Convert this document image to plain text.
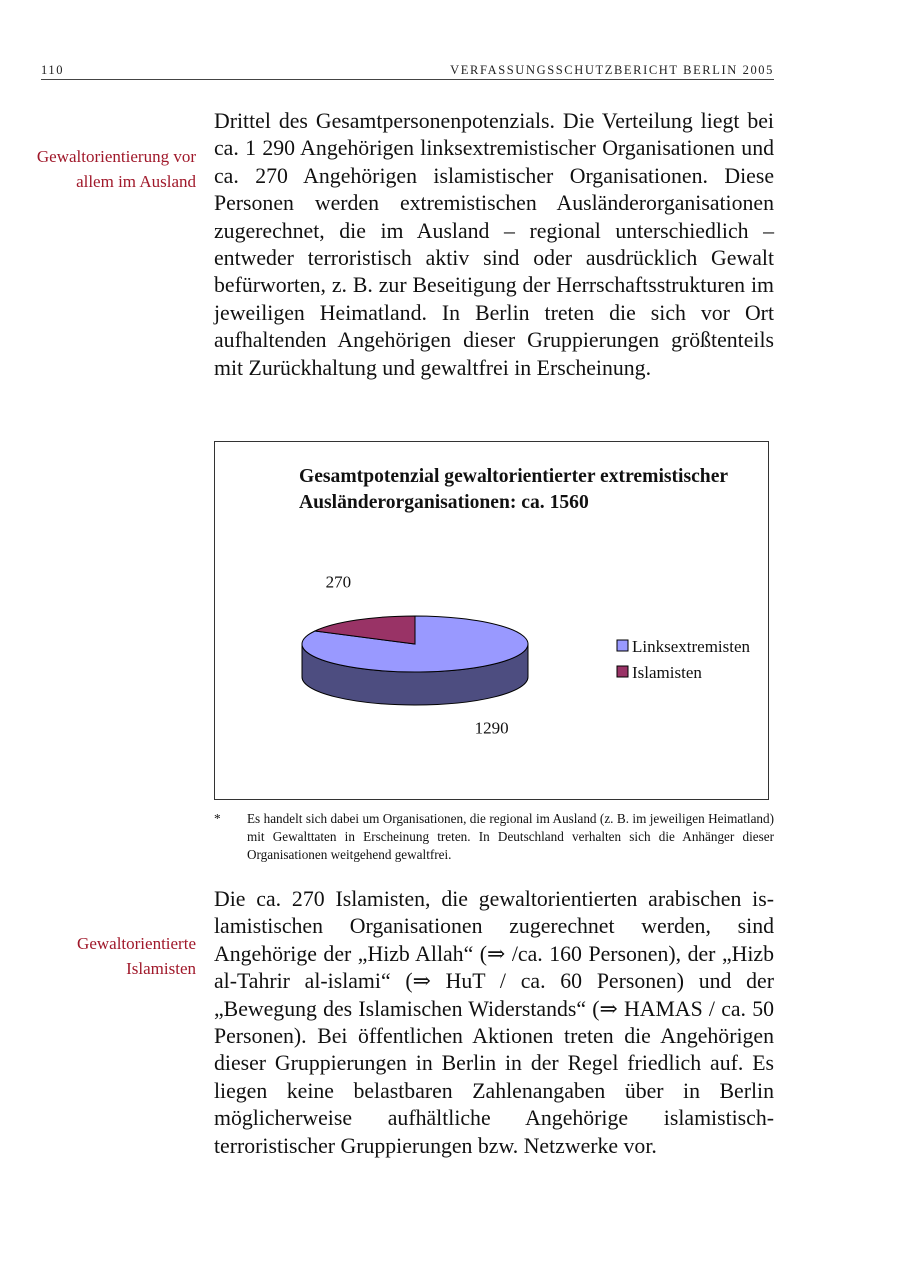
110	VERFASSUNGSSCHUTZBERICHT BERLIN 2005
Gewaltorientierung vor allem im Ausland
Drittel des Gesamtpersonenpotenzials. Die Verteilung liegt bei ca. 1 290 Angehörigen linksextremistischer Organisationen und ca. 270 Angehörigen islamistischer Organisationen. Diese Personen werden extremistischen Ausländerorganisationen zugerechnet, die im Ausland – regional unterschiedlich – entweder terroristisch aktiv sind oder ausdrücklich Gewalt befürworten, z. B. zur Beseitigung der Herrschaftsstrukturen im jeweiligen Heimatland. In Berlin treten die sich vor Ort aufhaltenden Angehörigen dieser Gruppierungen größtenteils mit Zurückhaltung und gewaltfrei in Erscheinung.
Gesamtpotenzial gewaltorientierter extremistischer Ausländerorganisationen: ca. 1560
1290
270
Linksextremisten
Islamisten
* Es handelt sich dabei um Organisationen, die regional im Ausland (z. B. im jeweiligen Heimatland) mit Gewalttaten in Erscheinung treten. In Deutschland verhalten sich die Anhänger dieser Organisationen weitgehend gewaltfrei.
Gewaltorientierte Islamisten
Die ca. 270 Islamisten, die gewaltorientierten arabischen islamistischen Organisationen zugerechnet werden, sind Angehörige der „Hizb Allah“ (⇒ /ca. 160 Personen), der „Hizb al-Tahrir al-islami“ (⇒ HuT / ca. 60 Personen) und der „Bewegung des Islamischen Widerstands“ (⇒ HAMAS / ca. 50 Personen). Bei öffentlichen Aktionen treten die Angehörigen dieser Gruppierungen in Berlin in der Regel friedlich auf. Es liegen keine belastbaren Zahlenangaben über in Berlin möglicherweise aufhältliche Angehörige islamistisch-terroristischer Gruppierungen bzw. Netzwerke vor.
